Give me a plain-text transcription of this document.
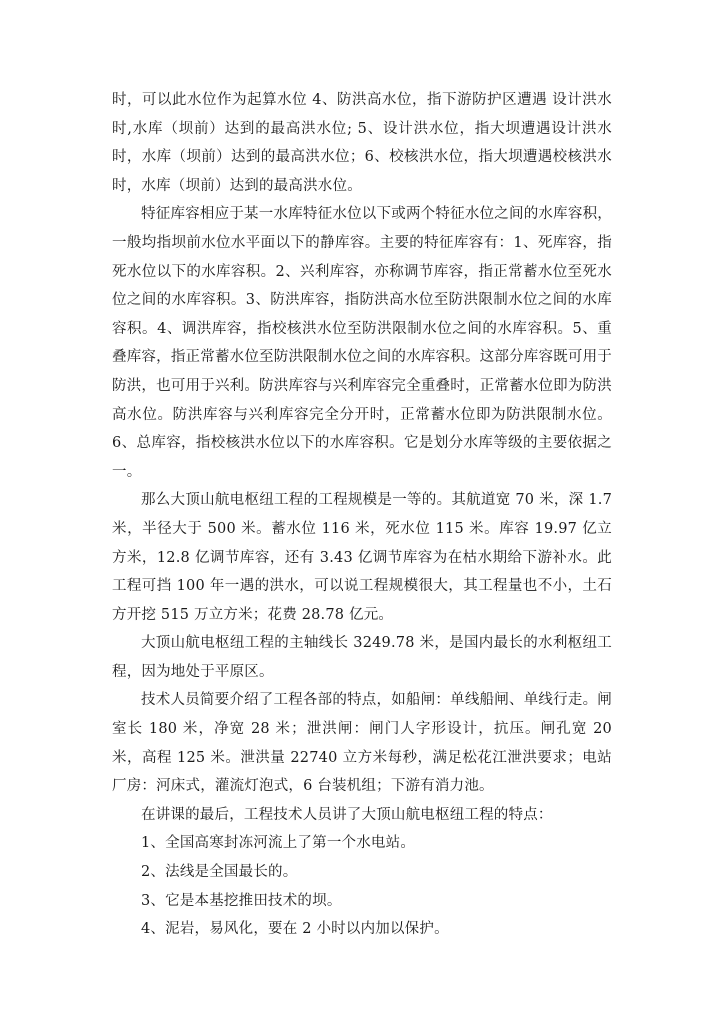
时，可以此水位作为起算水位 4、防洪高水位，指下游防护区遭遇 设计洪水时,水库（坝前）达到的最高洪水位; 5、设计洪水位，指大坝遭遇设计洪水时，水库（坝前）达到的最高洪水位；6、校核洪水位，指大坝遭遇校核洪水时，水库（坝前）达到的最高洪水位。

特征库容相应于某一水库特征水位以下或两个特征水位之间的水库容积，一般均指坝前水位水平面以下的静库容。主要的特征库容有：1、死库容，指死水位以下的水库容积。2、兴利库容，亦称调节库容，指正常蓄水位至死水位之间的水库容积。3、防洪库容，指防洪高水位至防洪限制水位之间的水库容积。4、调洪库容，指校核洪水位至防洪限制水位之间的水库容积。5、重叠库容，指正常蓄水位至防洪限制水位之间的水库容积。这部分库容既可用于防洪，也可用于兴利。防洪库容与兴利库容完全重叠时，正常蓄水位即为防洪高水位。防洪库容与兴利库容完全分开时，正常蓄水位即为防洪限制水位。6、总库容，指校核洪水位以下的水库容积。它是划分水库等级的主要依据之一。

那么大顶山航电枢纽工程的工程规模是一等的。其航道宽 70 米，深 1.7 米，半径大于 500 米。蓄水位 116 米，死水位 115 米。库容 19.97 亿立方米，12.8 亿调节库容，还有 3.43 亿调节库容为在枯水期给下游补水。此工程可挡 100 年一遇的洪水，可以说工程规模很大，其工程量也不小，土石方开挖 515 万立方米；花费 28.78 亿元。

大顶山航电枢纽工程的主轴线长 3249.78 米，是国内最长的水利枢纽工程，因为地处于平原区。

技术人员简要介绍了工程各部的特点，如船闸：单线船闸、单线行走。闸室长 180 米，净宽 28 米；泄洪闸：闸门人字形设计，抗压。闸孔宽 20 米，高程 125 米。泄洪量 22740 立方米每秒，满足松花江泄洪要求；电站厂房：河床式，灌流灯泡式，6 台装机组；下游有消力池。

在讲课的最后，工程技术人员讲了大顶山航电枢纽工程的特点：

1、全国高寒封冻河流上了第一个水电站。

2、法线是全国最长的。

3、它是本基挖推田技术的坝。

4、泥岩，易风化，要在 2 小时以内加以保护。
